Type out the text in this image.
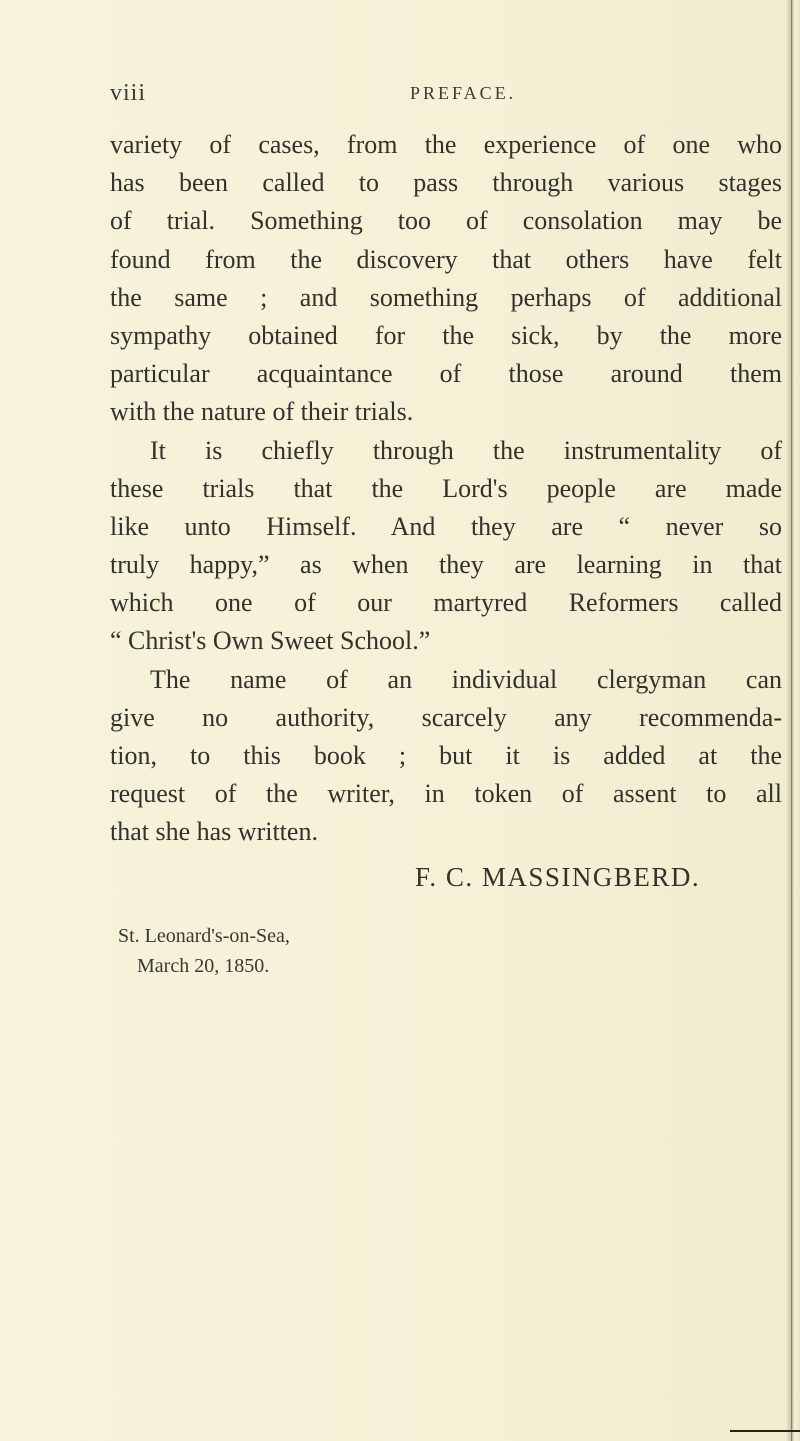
viii	PREFACE.
variety of cases, from the experience of one who
has been called to pass through various stages
of trial. Something too of consolation may be
found from the discovery that others have felt
the same ; and something perhaps of additional
sympathy obtained for the sick, by the more
particular acquaintance of those around them
with the nature of their trials.
It is chiefly through the instrumentality of
these trials that the Lord's people are made
like unto Himself. And they are “ never so
truly happy,” as when they are learning in that
which one of our martyred Reformers called
“ Christ's Own Sweet School.”
The name of an individual clergyman can
give no authority, scarcely any recommenda-
tion, to this book ; but it is added at the
request of the writer, in token of assent to all
that she has written.
F. C. MASSINGBERD.
St. Leonard's-on-Sea,
March 20, 1850.
